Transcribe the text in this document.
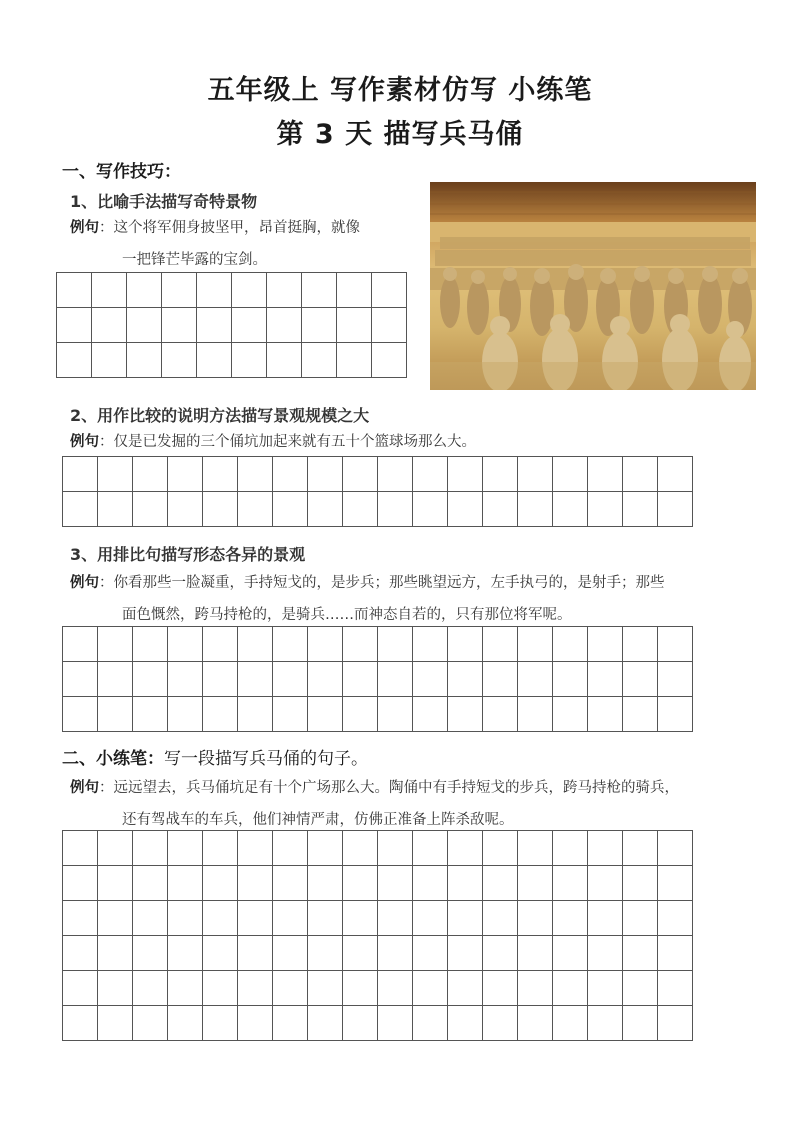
五年级上 写作素材仿写 小练笔
第 3 天 描写兵马俑
一、写作技巧：
1、比喻手法描写奇特景物
例句：这个将军佣身披坚甲，昂首挺胸，就像
一把锋芒毕露的宝剑。

2、用作比较的说明方法描写景观规模之大
例句：仅是已发掘的三个俑坑加起来就有五十个篮球场那么大。

3、用排比句描写形态各异的景观
例句：你看那些一脸凝重，手持短戈的，是步兵；那些眺望远方，左手执弓的，是射手；那些
面色慨然，跨马持枪的，是骑兵……而神态自若的，只有那位将军呢。

二、小练笔：写一段描写兵马俑的句子。
例句：远远望去，兵马俑坑足有十个广场那么大。陶俑中有手持短戈的步兵，跨马持枪的骑兵，
还有驾战车的车兵，他们神情严肃，仿佛正准备上阵杀敌呢。
